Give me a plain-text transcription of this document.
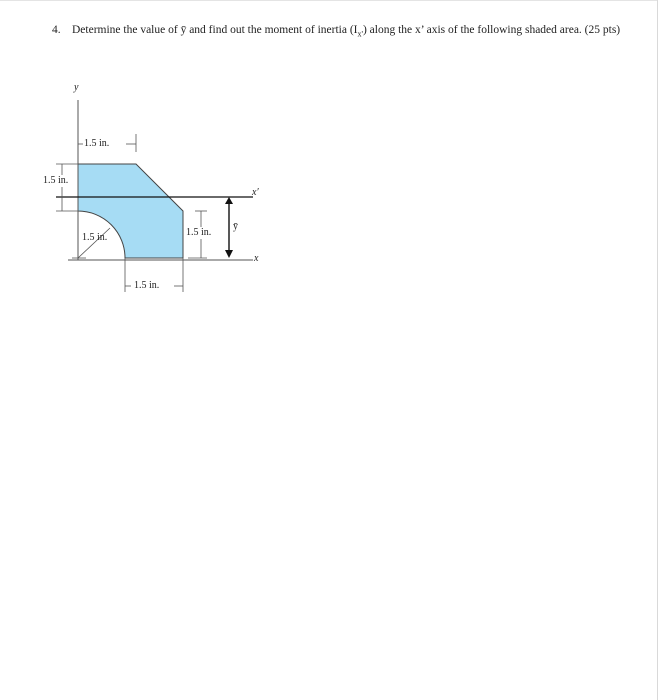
4. Determine the value of ȳ and find out the moment of inertia $(I_{x'})$ along the x’ axis of the following shaded area. (25 pts)
y
1.5 in.
1.5 in.
x′
1.5 in.	1.5 in.
ȳ
x
1.5 in.
